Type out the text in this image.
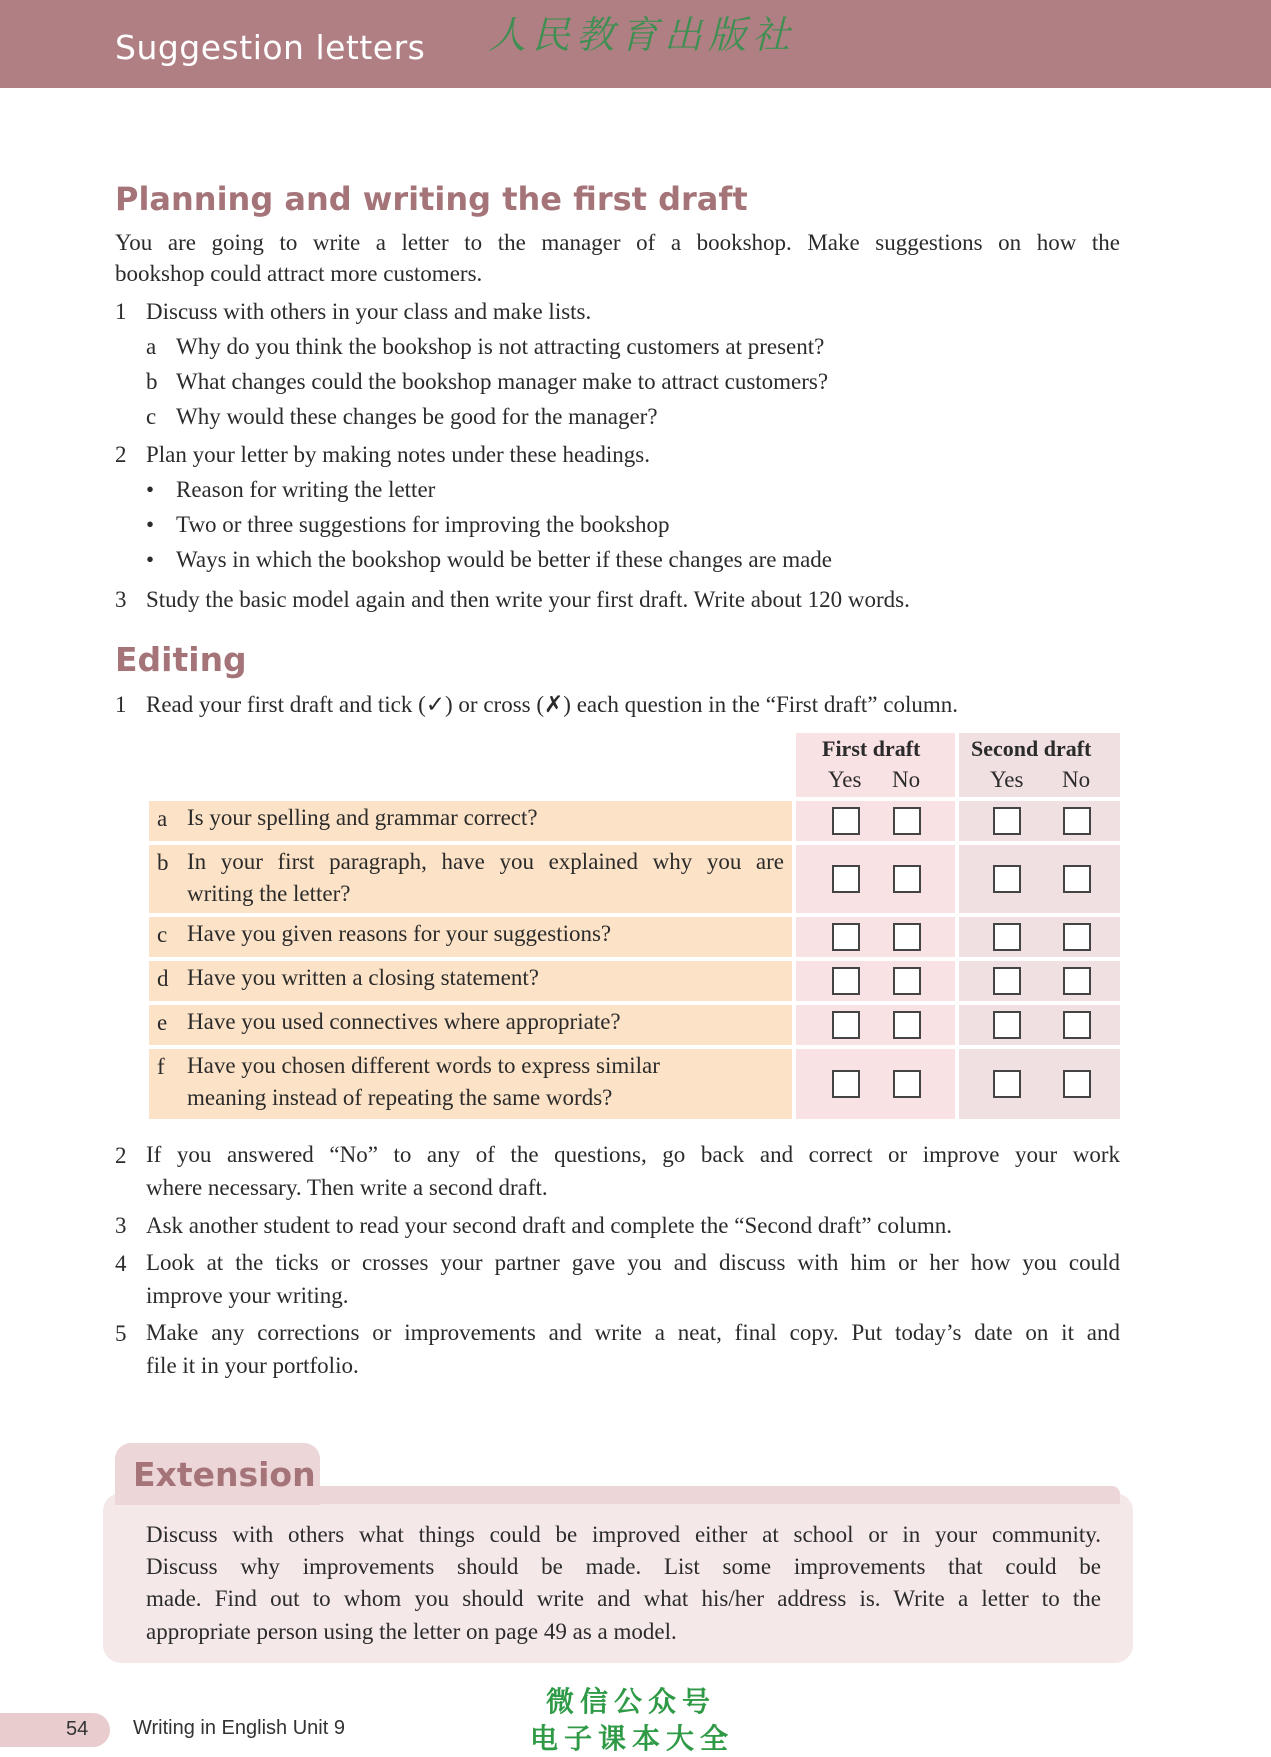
Suggestion letters 人民教育出版社
Planning and writing the first draft
You are going to write a letter to the manager of a bookshop. Make suggestions on how the
bookshop could attract more customers.
1 Discuss with others in your class and make lists.
a Why do you think the bookshop is not attracting customers at present?
b What changes could the bookshop manager make to attract customers?
c Why would these changes be good for the manager?
2 Plan your letter by making notes under these headings.
• Reason for writing the letter
• Two or three suggestions for improving the bookshop
• Ways in which the bookshop would be better if these changes are made
3 Study the basic model again and then write your first draft. Write about 120 words.
Editing
1 Read your first draft and tick (✓) or cross (✗) each question in the “First draft” column.
First draft Second draft
Yes No	Yes No
a Is your spelling and grammar correct?
b In your first paragraph, have you explained why you are
writing the letter?
c Have you given reasons for your suggestions?
d Have you written a closing statement?
e Have you used connectives where appropriate?
f Have you chosen different words to express similar
meaning instead of repeating the same words?
2 If you answered “No” to any of the questions, go back and correct or improve your work
where necessary. Then write a second draft.
3 Ask another student to read your second draft and complete the “Second draft” column.
4 Look at the ticks or crosses your partner gave you and discuss with him or her how you could
improve your writing.
5 Make any corrections or improvements and write a neat, final copy. Put today’s date on it and
file it in your portfolio.
Extension
Discuss with others what things could be improved either at school or in your community.
Discuss why improvements should be made. List some improvements that could be
made. Find out to whom you should write and what his/her address is. Write a letter to the
appropriate person using the letter on page 49 as a model.
54 Writing in English Unit 9
微信公众号
电子课本大全
